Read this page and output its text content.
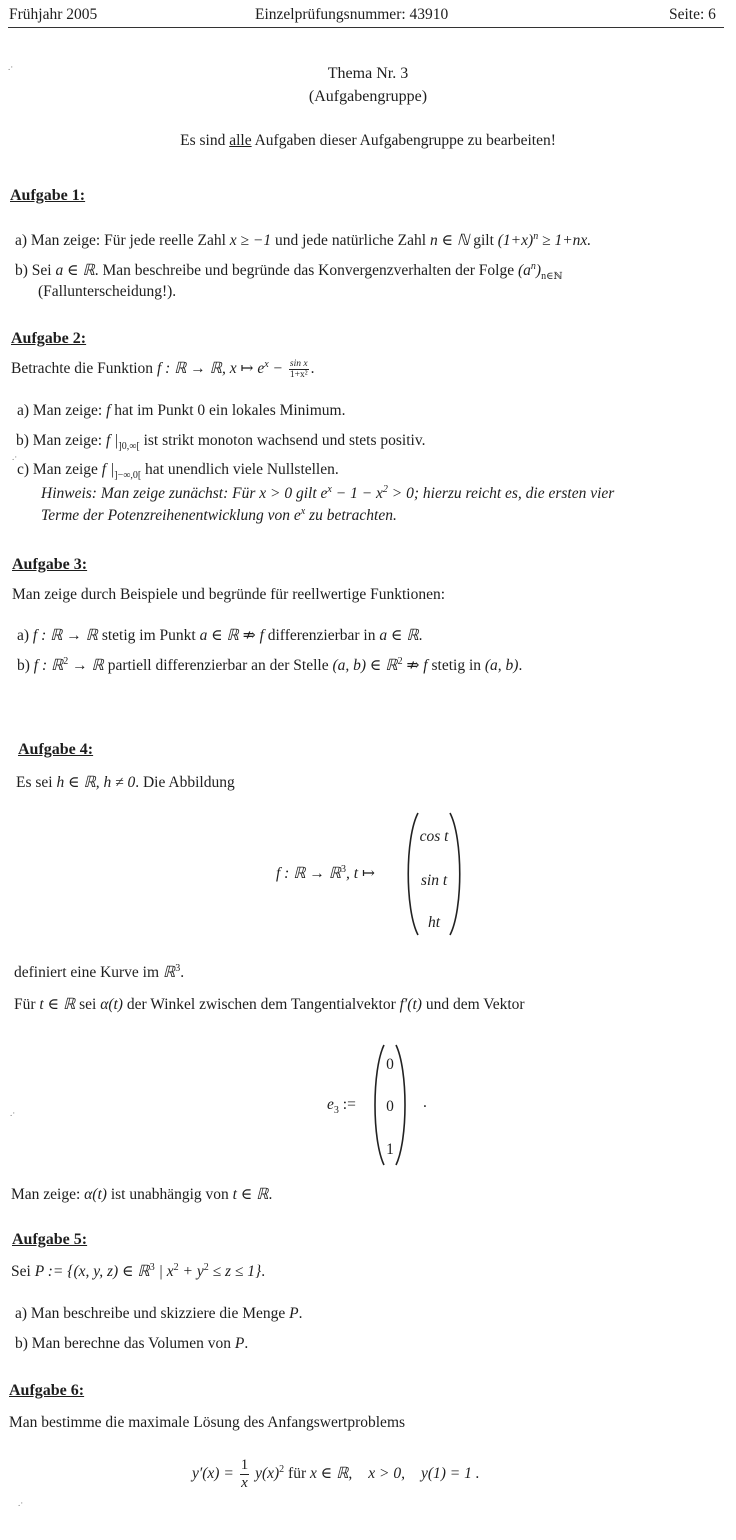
Frühjahr 2005	Einzelprüfungsnummer: 43910	Seite: 6
Thema Nr. 3
(Aufgabengruppe)
Es sind alle Aufgaben dieser Aufgabengruppe zu bearbeiten!
Aufgabe 1:
a) Man zeige: Für jede reelle Zahl x ≥ −1 und jede natürliche Zahl n ∈ ℕ gilt $(1+x)^n \ge 1+nx$.
b) Sei a ∈ ℝ. Man beschreibe und begründe das Konvergenzverhalten der Folge $(a^n)_{n\in ℕ}$
(Fallunterscheidung!).
Aufgabe 2:
Betrachte die Funktion f : ℝ → ℝ, x ↦ $e^x - \frac{\text{sin x}}{\text{1+x²}}$ .
a) Man zeige: f hat im Punkt 0 ein lokales Minimum.
b) Man zeige: f $|_{]0,\infty[}$ ist strikt monoton wachsend und stets positiv.
c) Man zeige f $|_{]-\infty,0[}$ hat unendlich viele Nullstellen.
Hinweis: Man zeige zunächst: Für x > 0 gilt $e^x - 1 - x^2 > 0$; hierzu reicht es, die ersten vier
Terme der Potenzreihenentwicklung von $e^x$ zu betrachten.
Aufgabe 3:
Man zeige durch Beispiele und begründe für reellwertige Funktionen:
a) f : ℝ → ℝ stetig im Punkt a ∈ ℝ ⇏ f differenzierbar in a ∈ ℝ.
b) f : ℝ$^2$ → ℝ partiell differenzierbar an der Stelle (a, b) ∈ ℝ$^2$ ⇏ f stetig in (a, b).
Aufgabe 4:
Es sei h ∈ ℝ, h ≠ 0. Die Abbildung
f : ℝ → ℝ$^3$, t ↦
cos t
sin t
ht
definiert eine Kurve im ℝ$^3$.
Für t ∈ ℝ sei α(t) der Winkel zwischen dem Tangentialvektor f′(t) und dem Vektor
$e_3$ :=
0
0
1
.
Man zeige: α(t) ist unabhängig von t ∈ ℝ.
Aufgabe 5:
Sei P := {(x, y, z) ∈ ℝ$^3$ | $x^2 + y^2 \le z \le 1$}.
a) Man beschreibe und skizziere die Menge P.
b) Man berechne das Volumen von P.
Aufgabe 6:
Man bestimme die maximale Lösung des Anfangswertproblems
$y'(x) = \frac{1}{x} y(x)^2$ für x ∈ ℝ, x > 0, y(1) = 1 .
.·
.·
.·
.·
